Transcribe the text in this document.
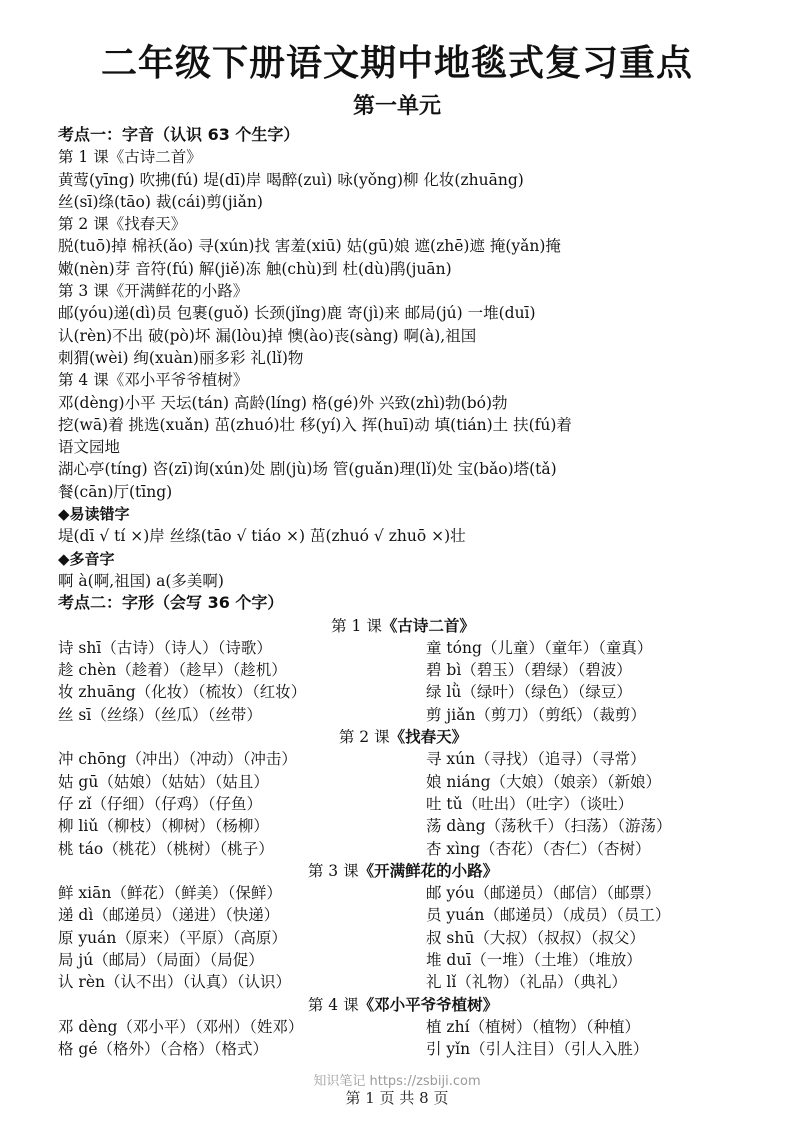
二年级下册语文期中地毯式复习重点
第一单元
考点一：字音（认识 63 个生字）
第 1 课《古诗二首》
黄莺(yīng) 吹拂(fú) 堤(dī)岸 喝醉(zuì) 咏(yǒng)柳 化妆(zhuāng)
丝(sī)绦(tāo) 裁(cái)剪(jiǎn)
第 2 课《找春天》
脱(tuō)掉 棉袄(ǎo) 寻(xún)找 害羞(xiū) 姑(gū)娘 遮(zhē)遮 掩(yǎn)掩
嫩(nèn)芽 音符(fú) 解(jiě)冻 触(chù)到 杜(dù)鹃(juān)
第 3 课《开满鲜花的小路》
邮(yóu)递(dì)员 包裹(guǒ) 长颈(jǐng)鹿 寄(jì)来 邮局(jú) 一堆(duī)
认(rèn)不出 破(pò)坏 漏(lòu)掉 懊(ào)丧(sàng) 啊(à),祖国
刺猬(wèi) 绚(xuàn)丽多彩 礼(lǐ)物
第 4 课《邓小平爷爷植树》
邓(dèng)小平 天坛(tán) 高龄(líng) 格(gé)外 兴致(zhì)勃(bó)勃
挖(wā)着 挑选(xuǎn) 茁(zhuó)壮 移(yí)入 挥(huī)动 填(tián)土 扶(fú)着
语文园地
湖心亭(tíng) 咨(zī)询(xún)处 剧(jù)场 管(guǎn)理(lǐ)处 宝(bǎo)塔(tǎ)
餐(cān)厅(tīng)
◆易读错字
堤(dī √ tí ×)岸 丝绦(tāo √ tiáo ×) 茁(zhuó √ zhuō ×)壮
◆多音字
啊 à(啊,祖国) a(多美啊)
考点二：字形（会写 36 个字）
第 1 课《古诗二首》
诗 shī（古诗）（诗人）（诗歌）	童 tóng（儿童）（童年）（童真）
趁 chèn（趁着）（趁早）（趁机）	碧 bì（碧玉）（碧绿）（碧波）
妆 zhuāng（化妆）（梳妆）（红妆）	绿 lǜ（绿叶）（绿色）（绿豆）
丝 sī（丝绦）（丝瓜）（丝带）	剪 jiǎn（剪刀）（剪纸）（裁剪）
第 2 课《找春天》
冲 chōng（冲出）（冲动）（冲击）	寻 xún（寻找）（追寻）（寻常）
姑 gū（姑娘）（姑姑）（姑且）	娘 niáng（大娘）（娘亲）（新娘）
仔 zǐ（仔细）（仔鸡）（仔鱼）	吐 tǔ（吐出）（吐字）（谈吐）
柳 liǔ（柳枝）（柳树）（杨柳）	荡 dàng（荡秋千）（扫荡）（游荡）
桃 táo（桃花）（桃树）（桃子）	杏 xìng（杏花）（杏仁）（杏树）
第 3 课《开满鲜花的小路》
鲜 xiān（鲜花）（鲜美）（保鲜）	邮 yóu（邮递员）（邮信）（邮票）
递 dì（邮递员）（递进）（快递）	员 yuán（邮递员）（成员）（员工）
原 yuán（原来）（平原）（高原）	叔 shū（大叔）（叔叔）（叔父）
局 jú（邮局）（局面）（局促）	堆 duī（一堆）（土堆）（堆放）
认 rèn（认不出）（认真）（认识）	礼 lǐ（礼物）（礼品）（典礼）
第 4 课《邓小平爷爷植树》
邓 dèng（邓小平）（邓州）（姓邓）	植 zhí（植树）（植物）（种植）
格 gé（格外）（合格）（格式）	引 yǐn（引人注目）（引人入胜）
知识笔记 https://zsbiji.com
第 1 页 共 8 页
